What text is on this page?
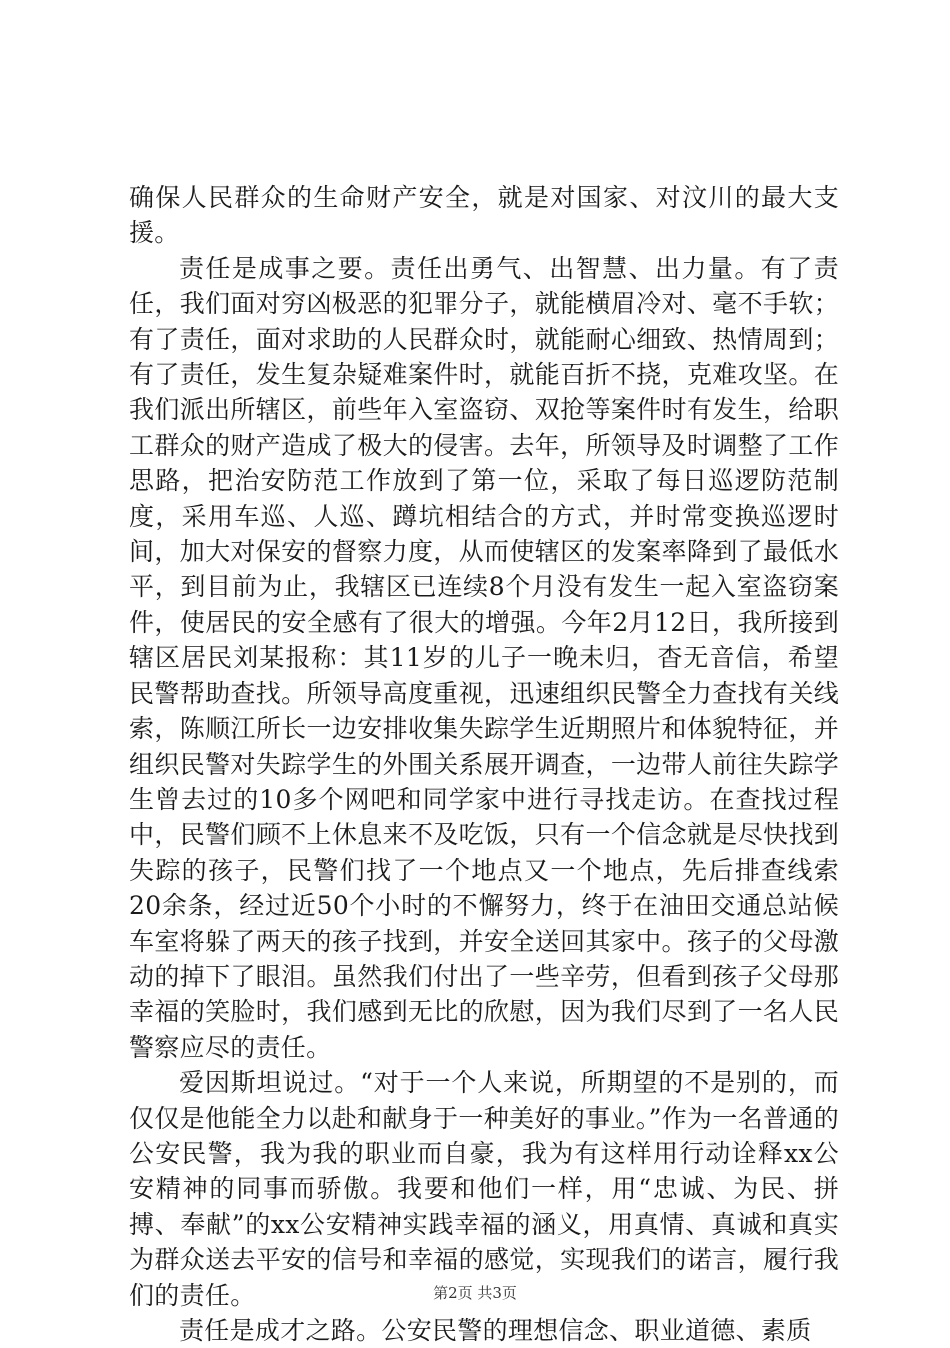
确保人民群众的生命财产安全，就是对国家、对汶川的最大支援。

责任是成事之要。责任出勇气、出智慧、出力量。有了责任，我们面对穷凶极恶的犯罪分子，就能横眉冷对、毫不手软；有了责任，面对求助的人民群众时，就能耐心细致、热情周到；有了责任，发生复杂疑难案件时，就能百折不挠，克难攻坚。在我们派出所辖区，前些年入室盗窃、双抢等案件时有发生，给职工群众的财产造成了极大的侵害。去年，所领导及时调整了工作思路，把治安防范工作放到了第一位，采取了每日巡逻防范制度，采用车巡、人巡、蹲坑相结合的方式，并时常变换巡逻时间，加大对保安的督察力度，从而使辖区的发案率降到了最低水平，到目前为止，我辖区已连续8个月没有发生一起入室盗窃案件，使居民的安全感有了很大的增强。今年2月12日，我所接到辖区居民刘某报称：其11岁的儿子一晚未归，杳无音信，希望民警帮助查找。所领导高度重视，迅速组织民警全力查找有关线索，陈顺江所长一边安排收集失踪学生近期照片和体貌特征，并组织民警对失踪学生的外围关系展开调查，一边带人前往失踪学生曾去过的10多个网吧和同学家中进行寻找走访。在查找过程中，民警们顾不上休息来不及吃饭，只有一个信念就是尽快找到失踪的孩子，民警们找了一个地点又一个地点，先后排查线索20余条，经过近50个小时的不懈努力，终于在油田交通总站候车室将躲了两天的孩子找到，并安全送回其家中。孩子的父母激动的掉下了眼泪。虽然我们付出了一些辛劳，但看到孩子父母那幸福的笑脸时，我们感到无比的欣慰，因为我们尽到了一名人民警察应尽的责任。

爱因斯坦说过。“对于一个人来说，所期望的不是别的，而仅仅是他能全力以赴和献身于一种美好的事业。”作为一名普通的公安民警，我为我的职业而自豪，我为有这样用行动诠释xx公安精神的同事而骄傲。我要和他们一样，用“忠诚、为民、拼搏、奉献”的xx公安精神实践幸福的涵义，用真情、真诚和真实为群众送去平安的信号和幸福的感觉，实现我们的诺言，履行我们的责任。

责任是成才之路。公安民警的理想信念、职业道德、素质

第2页 共3页
